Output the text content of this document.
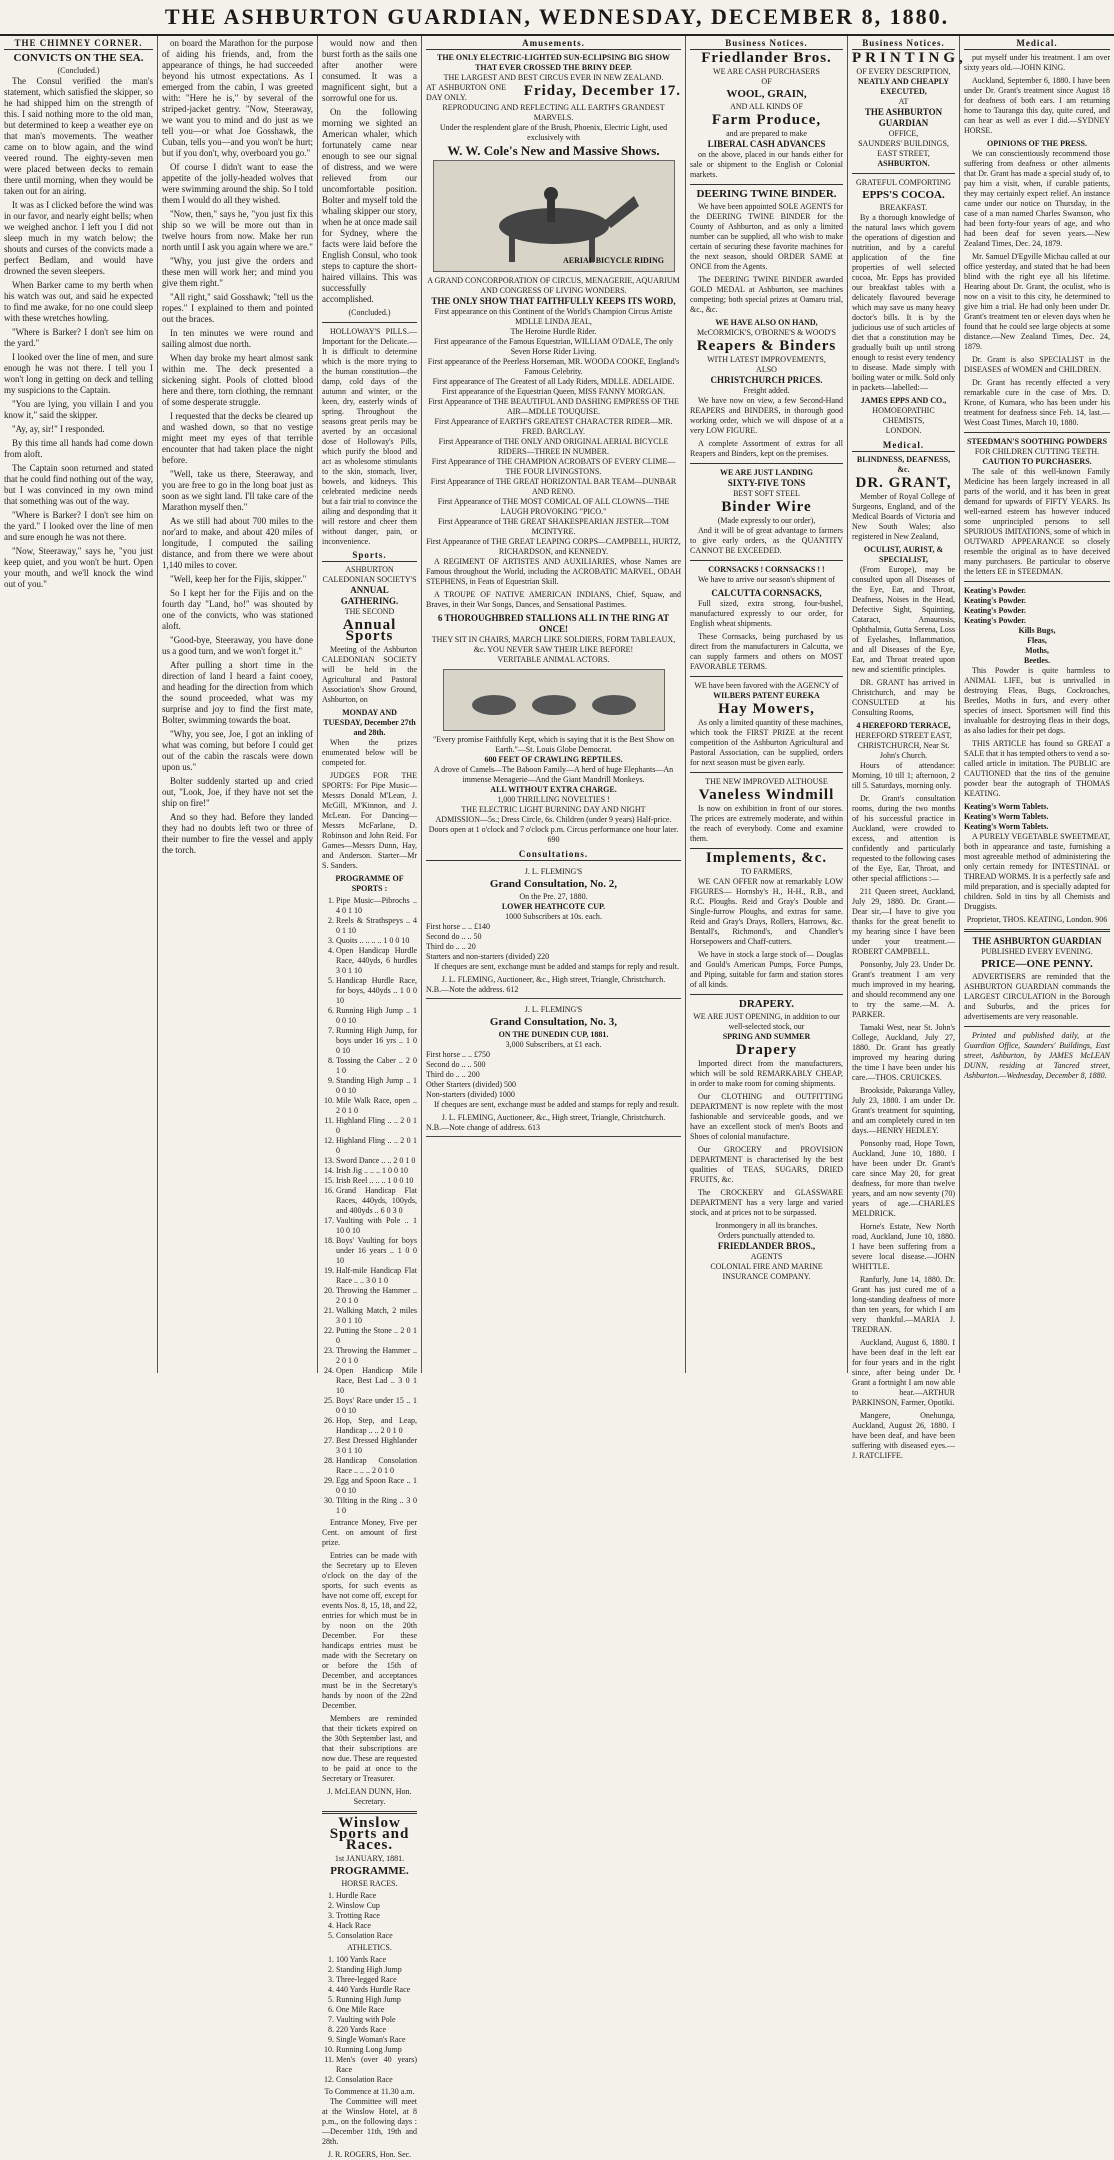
THE ASHBURTON GUARDIAN, WEDNESDAY, DECEMBER 8, 1880.
THE CHIMNEY CORNER.
CONVICTS ON THE SEA.
(Concluded.)

The Consul verified the man's statement, which satisfied the skipper, so he had shipped him on the strength of this. I said nothing more to the old man, but determined to keep a weather eye on that man's movements. The weather came on to blow again, and the wind veered round. The eighty-seven men were placed between decks to remain there until morning, when they would be taken out for an airing.

It was as I clicked before the wind was in our favor, and nearly eight bells; when we weighed anchor. I left you I did not sleep much in my watch below; the shouts and curses of the convicts made a perfect Bedlam, and would have drowned the seven sleepers.

When Barker came to my berth when his watch was out, and said he expected to find me awake, for no one could sleep with these wretches howling.

"Where is Barker? I don't see him on the yard."

I looked over the line of men, and sure enough he was not there. I tell you I won't long in getting on deck and telling my suspicions to the Captain.

"You are lying, you villain I and you know it," said the skipper.

"Ay, ay, sir!" I responded.

By this time all hands had come down from aloft.

The Captain soon returned and stated that he could find nothing out of the way, but I was convinced in my own mind that something was out of the way.

"Where is Barker? I don't see him on the yard." I looked over the line of men and sure enough he was not there.

"Now, Steeraway," says he, "you just keep quiet, and you won't be hurt. Open your mouth, and we'll knock the wind out of you."

on board the Marathon for the purpose of aiding his friends, and, from the appearance of things, he had succeeded beyond his utmost expectations. As I emerged from the cabin, I was greeted with: "Here he is," by several of the striped-jacket gentry. "Now, Steeraway, we want you to mind and do just as we tell you—or what Joe Gosshawk, the Cuban, tells you—and you won't be hurt; but if you don't, why, overboard you go."

Of course I didn't want to ease the appetite of the jolly-headed wolves that were swimming around the ship. So I told them I would do all they wished.

"Now, then," says he, "you just fix this ship so we will be more out than in twelve hours from now. Make her run north until I ask you again where we are."

"Why, you just give the orders and these men will work her; and mind you give them right."

"All right," said Gosshawk; "tell us the ropes." I explained to them and pointed out the braces.

In ten minutes we were round and sailing almost due north.

When day broke my heart almost sank within me. The deck presented a sickening sight. Pools of clotted blood here and there, torn clothing, the remnant of some desperate struggle.

I requested that the decks be cleared up and washed down, so that no vestige might meet my eyes of that terrible encounter that had taken place the night before.

"Well, take us there, Steeraway, and you are free to go in the long boat just as soon as we sight land. I'll take care of the Marathon myself then."

As we still had about 700 miles to the nor'ard to make, and about 420 miles of longitude, I computed the sailing distance, and from there we were about 1,140 miles to cover.

"Well, keep her for the Fijis, skipper."

So I kept her for the Fijis and on the fourth day "Land, ho!" was shouted by one of the convicts, who was stationed aloft.

"Good-bye, Steeraway, you have done us a good turn, and we won't forget it."

After pulling a short time in the direction of land I heard a faint cooey, and heading for the direction from which the sound proceeded, what was my surprise and joy to find the first mate, Bolter, swimming towards the boat.

"Why, you see, Joe, I got an inkling of what was coming, but before I could get out of the cabin the rascals were down upon us."

Bolter suddenly started up and cried out, "Look, Joe, if they have not set the ship on fire!"

And so they had. Before they landed they had no doubts left two or three of their number to fire the vessel and apply the torch.

would now and then burst forth as the sails one after another were consumed. It was a magnificent sight, but a sorrowful one for us.

On the following morning we sighted an American whaler, which fortunately came near enough to see our signal of distress, and we were relieved from our uncomfortable position. Bolter and myself told the whaling skipper our story, when he at once made sail for Sydney, where the facts were laid before the English Consul, who took steps to capture the short-haired villains. This was successfully accomplished.

(Concluded.)

HOLLOWAY'S PILLS.—Important for the Delicate.—It is difficult to determine which is the more trying to the human constitution—the damp, cold days of the autumn and winter, or the keen, dry, easterly winds of spring. Throughout the seasons great perils may be averted by an occasional dose of Holloway's Pills, which purify the blood and act as wholesome stimulants to the skin, stomach, liver, bowels, and kidneys. This celebrated medicine needs but a fair trial to convince the ailing and desponding that it will restore and cheer them without danger, pain, or inconvenience.

Sports.
ASHBURTON CALEDONIAN SOCIETY'S
ANNUAL GATHERING.
THE SECOND
Annual Sports

Meeting of the Ashburton CALEDONIAN SOCIETY will be held in the Agricultural and Pastoral Association's Show Ground, Ashburton, on

MONDAY AND TUESDAY, December 27th and 28th.

When the prizes enumerated below will be competed for.

JUDGES FOR THE SPORTS: For Pipe Music—Messrs Donald M'Lean, J. McGill, M'Kinnon, and J. McLean. For Dancing—Messrs McFarlane, D. Robinson and John Reid. For Games—Messrs Dunn, Hay, and Anderson. Starter—Mr S. Sanders.

PROGRAMME OF SPORTS :
1. Pipe Music—Pibrochs .. 4 0 1 10
2. Reels & Strathspeys .. 4 0 1 10
3. Quoits .. .. .. .. 1 0 0 10
4. Open Handicap Hurdle Race, 440yds, 6 hurdles 3 0 1 10
5. Handicap Hurdle Race, for boys, 440yds .. 1 0 0 10
6. Running High Jump .. 1 0 0 10
7. Running High Jump, for boys under 16 yrs .. 1 0 0 10
8. Tossing the Caber .. 2 0 1 0
9. Standing High Jump .. 1 0 0 10
10. Mile Walk Race, open .. 2 0 1 0
11. Highland Fling .. .. 2 0 1 0
12. Highland Fling .. .. 2 0 1 0
13. Sword Dance .. .. 2 0 1 0
14. Irish Jig .. .. .. 1 0 0 10
15. Irish Reel .. .. .. 1 0 0 10
16. Grand Handicap Flat Races, 440yds, 100yds, and 400yds .. 6 0 3 0
17. Vaulting with Pole .. 1 10 0 10
18. Boys' Vaulting for boys under 16 years .. 1 0 0 10
19. Half-mile Handicap Flat Race .. .. 3 0 1 0
20. Throwing the Hammer .. 2 0 1 0
21. Walking Match, 2 miles 3 0 1 10
22. Putting the Stone .. 2 0 1 0
23. Throwing the Hammer .. 2 0 1 0
24. Open Handicap Mile Race, Best Lad .. 3 0 1 10
25. Boys' Race under 15 .. 1 0 0 10
26. Hop, Step, and Leap, Handicap .. .. 2 0 1 0
27. Best Dressed Highlander 3 0 1 10
28. Handicap Consolation Race .. .. .. 2 0 1 0
29. Egg and Spoon Race .. 1 0 0 10
30. Tilting in the Ring .. 3 0 1 0

Entrance Money, Five per Cent. on amount of first prize.

Entries can be made with the Secretary up to Eleven o'clock on the day of the sports, for such events as have not come off, except for events Nos. 8, 15, 18, and 22, entries for which must be in by noon on the 20th December. For these handicaps entries must be made with the Secretary on or before the 15th of December, and acceptances must be in the Secretary's hands by noon of the 22nd December.

Members are reminded that their tickets expired on the 30th September last, and that their subscriptions are now due. These are requested to be paid at once to the Secretary or Treasurer.

J. McLEAN DUNN, Hon. Secretary.
Winslow Sports and Races.
1st JANUARY, 1881.
PROGRAMME.
HORSE RACES.
1. Hurdle Race
2. Winslow Cup
3. Trotting Race
4. Hack Race
5. Consolation Race
ATHLETICS.
1. 100 Yards Race
2. Standing High Jump
3. Three-legged Race
4. 440 Yards Hurdle Race
5. Running High Jump
6. One Mile Race
7. Vaulting with Pole
8. 220 Yards Race
9. Single Woman's Race
10. Running Long Jump
11. Men's (over 40 years) Race
12. Consolation Race
To Commence at 11.30 a.m.

The Committee will meet at the Winslow Hotel, at 8 p.m., on the following days :—December 11th, 19th and 28th.

J. R. ROGERS, Hon. Sec.
Amusements.
THE ONLY ELECTRIC-LIGHTED SUN-ECLIPSING BIG SHOW THAT EVER CROSSED THE BRINY DEEP.
THE LARGEST AND BEST CIRCUS EVER IN NEW ZEALAND.
AT ASHBURTON ONE DAY ONLY.	Friday, December 17.
REPRODUCING AND REFLECTING ALL EARTH'S GRANDEST MARVELS.
Under the resplendent glare of the Brush, Phoenix, Electric Light, used exclusively with
W. W. Cole's New and Massive Shows.
AERIAL BICYCLE RIDING
A GRAND CONCORPORATION OF CIRCUS, MENAGERIE, AQUARIUM AND CONGRESS OF LIVING WONDERS.
THE ONLY SHOW THAT FAITHFULLY KEEPS ITS WORD,
First appearance on this Continent of the World's Champion Circus Artiste MDLLE LINDA JEAL,
The Heroine Hurdle Rider.
First appearance of the Famous Equestrian, WILLIAM O'DALE, The only Seven Horse Rider Living.
First appearance of the Peerless Horseman, MR. WOODA COOKE, England's Famous Celebrity.
First appearance of The Greatest of all Lady Riders, MDLLE. ADELAIDE.
First appearance of the Equestrian Queen, MISS FANNY MORGAN.
First Appearance of THE BEAUTIFUL AND DASHING EMPRESS OF THE AIR—MDLLE TOUQUISE.
First Appearance of EARTH'S GREATEST CHARACTER RIDER—MR. FRED. BARCLAY.
First Appearance of THE ONLY AND ORIGINAL AERIAL BICYCLE RIDERS—THREE IN NUMBER.
First Appearance of THE CHAMPION ACROBATS OF EVERY CLIME—THE FOUR LIVINGSTONS.
First Appearance of THE GREAT HORIZONTAL BAR TEAM—DUNBAR AND RENO.
First Appearance of THE MOST COMICAL OF ALL CLOWNS—THE LAUGH PROVOKING "PICO."
First Appearance of THE GREAT SHAKESPEARIAN JESTER—TOM MCINTYRE.
First Appearance of THE GREAT LEAPING CORPS—CAMPBELL, HURTZ, RICHARDSON, and KENNEDY.

A REGIMENT OF ARTISTES AND AUXILIARIES, whose Names are Famous throughout the World, including the ACROBATIC MARVEL, ODAH STEPHENS, in Feats of Equestrian Skill.

A TROUPE OF NATIVE AMERICAN INDIANS, Chief, Squaw, and Braves, in their War Songs, Dances, and Sensational Pastimes.

6 THOROUGHBRED STALLIONS ALL IN THE RING AT ONCE!
THEY SIT IN CHAIRS, MARCH LIKE SOLDIERS, FORM TABLEAUX, &c. YOU NEVER SAW THEIR LIKE BEFORE!
VERITABLE ANIMAL ACTORS.
"Every promise Faithfully Kept, which is saying that it is the Best Show on Earth."—St. Louis Globe Democrat.
600 FEET OF CRAWLING REPTILES.
A drove of Camels—The Baboon Family—A herd of huge Elephants—An immense Menagerie—And the Giant Mandrill Monkeys.
ALL WITHOUT EXTRA CHARGE.
1,000 THRILLING NOVELTIES !
THE ELECTRIC LIGHT BURNING DAY AND NIGHT
ADMISSION—5s.; Dress Circle, 6s. Children (under 9 years) Half-price. Doors open at 1 o'clock and 7 o'clock p.m. Circus performance one hour later. 690
Consultations.
J. L. FLEMING'S
Grand Consultation, No. 2,
On the Pre. 27, 1880.
LOWER HEATHCOTE CUP.
1000 Subscribers at 10s. each.
First horse .. .. £140
Second do .. .. 50
Third do .. .. 20
Starters and non-starters (divided) 220

If cheques are sent, exchange must be added and stamps for reply and result.

J. L. FLEMING, Auctioneer, &c., High street, Triangle, Christchurch.
N.B.—Note the address. 612
J. L. FLEMING'S
Grand Consultation, No. 3,
ON THE DUNEDIN CUP, 1881.
3,000 Subscribers, at £1 each.
First horse .. .. £750
Second do .. .. 500
Third do .. .. 200
Other Starters (divided) 500
Non-starters (divided) 1000

If cheques are sent, exchange must be added and stamps for reply and result.

J. L. FLEMING, Auctioneer, &c., High street, Triangle, Christchurch.
N.B.—Note change of address. 613
Business Notices.
Friedlander Bros.
WE ARE CASH PURCHASERS
OF
WOOL, GRAIN,
AND ALL KINDS OF
Farm Produce,
and are prepared to make
LIBERAL CASH ADVANCES

on the above, placed in our hands either for sale or shipment to the English or Colonial markets.

DEERING TWINE BINDER.

We have been appointed SOLE AGENTS for the DEERING TWINE BINDER for the County of Ashburton, and as only a limited number can be supplied, all who wish to make certain of securing these favorite machines for the next season, should ORDER SAME at ONCE from the Agents.

The DEERING TWINE BINDER awarded GOLD MEDAL at Ashburton, see machines competing; both special prizes at Oamaru trial, &c., &c.

WE HAVE ALSO ON HAND,
McCORMICK'S, O'BORNE'S & WOOD'S
Reapers & Binders
WITH LATEST IMPROVEMENTS,
ALSO
CHRISTCHURCH PRICES.
Freight added.

We have now on view, a few Second-Hand REAPERS and BINDERS, in thorough good working order, which we will dispose of at a very LOW FIGURE.

A complete Assortment of extras for all Reapers and Binders, kept on the premises.

WE ARE JUST LANDING
SIXTY-FIVE TONS
BEST SOFT STEEL
Binder Wire
(Made expressly to our order),

And it will be of great advantage to farmers to give early orders, as the QUANTITY CANNOT BE EXCEEDED.

CORNSACKS ! CORNSACKS ! !

We have to arrive our season's shipment of

CALCUTTA CORNSACKS,

Full sized, extra strong, four-bushel, manufactured expressly to our order, for English wheat shipments.

These Cornsacks, being purchased by us direct from the manufacturers in Calcutta, we can supply farmers and others on MOST FAVORABLE TERMS.

WE have been favored with the AGENCY of
WILBERS PATENT EUREKA
Hay Mowers,

As only a limited quantity of these machines, which took the FIRST PRIZE at the recent competition of the Ashburton Agricultural and Pastoral Association, can be supplied, orders for next season must be given early.

THE NEW IMPROVED ALTHOUSE
Vaneless Windmill

Is now on exhibition in front of our stores. The prices are extremely moderate, and within the reach of everybody. Come and examine them.

Implements, &c.
TO FARMERS,

WE CAN OFFER now at remarkably LOW FIGURES— Hornsby's H., H-H., R.B., and R.C. Ploughs. Reid and Gray's Double and Single-furrow Ploughs, and extras for same. Reid and Gray's Drays, Rollers, Harrows, &c. Bentall's, Richmond's, and Chandler's Horsepowers and Chaff-cutters.

We have in stock a large stock of— Douglas and Gould's American Pumps, Force Pumps, and Piping, suitable for farm and station stores of all kinds.

DRAPERY.
WE ARE JUST OPENING, in addition to our well-selected stock, our
SPRING AND SUMMER
Drapery

Imported direct from the manufacturers, which will be sold REMARKABLY CHEAP, in order to make room for coming shipments.

Our CLOTHING and OUTFITTING DEPARTMENT is now replete with the most fashionable and serviceable goods, and we have an excellent stock of men's Boots and Shoes of colonial manufacture.

Our GROCERY and PROVISION DEPARTMENT is characterised by the best qualities of TEAS, SUGARS, DRIED FRUITS, &c.

The CROCKERY and GLASSWARE DEPARTMENT has a very large and varied stock, and at prices not to be surpassed.

Ironmongery in all its branches.
Orders punctually attended to.
FRIEDLANDER BROS.,
AGENTS
COLONIAL FIRE AND MARINE INSURANCE COMPANY.
Business Notices.
PRINTING,
OF EVERY DESCRIPTION,
NEATLY AND CHEAPLY
EXECUTED,
AT
THE ASHBURTON GUARDIAN
OFFICE,
SAUNDERS' BUILDINGS,
EAST STREET,
ASHBURTON.
GRATEFUL COMFORTING
EPPS'S COCOA.
BREAKFAST.

By a thorough knowledge of the natural laws which govern the operations of digestion and nutrition, and by a careful application of the fine properties of well selected cocoa, Mr. Epps has provided our breakfast tables with a delicately flavoured beverage which may save us many heavy doctor's bills. It is by the judicious use of such articles of diet that a constitution may be gradually built up until strong enough to resist every tendency to disease. Made simply with boiling water or milk. Sold only in packets—labelled:—

JAMES EPPS AND CO.,
HOMOEOPATHIC CHEMISTS,
LONDON.
Medical.
BLINDNESS, DEAFNESS, &c.
DR. GRANT,

Member of Royal College of Surgeons, England, and of the Medical Boards of Victoria and New South Wales; also registered in New Zealand,

OCULIST, AURIST, & SPECIALIST,

(From Europe), may be consulted upon all Diseases of the Eye, Ear, and Throat, Deafness, Noises in the Head, Defective Sight, Squinting, Cataract, Amaurosis, Ophthalmia, Gutta Serena, Loss of Eyelashes, Inflammation, and all Diseases of the Eye, Ear, and Throat treated upon new and scientific principles.

DR. GRANT has arrived in Christchurch, and may be CONSULTED at his Consulting Rooms,

4 HEREFORD TERRACE,
HEREFORD STREET EAST, CHRISTCHURCH, Near St. John's Church.

Hours of attendance: Morning, 10 till 1; afternoon, 2 till 5. Saturdays, morning only.

Dr. Grant's consultation rooms, during the two months of his successful practice in Auckland, were crowded to excess, and attention is confidently and particularly requested to the following cases of the Eye, Ear, Throat, and other special afflictions :—

211 Queen street, Auckland, July 29, 1880. Dr. Grant.—Dear sir,—I have to give you thanks for the great benefit to my hearing since I have been under your treatment.—ROBERT CAMPBELL.

Ponsonby, July 23. Under Dr. Grant's treatment I am very much improved in my hearing, and should recommend any one to try the same.—M. A. PARKER.

Tamaki West, near St. John's College, Auckland, July 27, 1880. Dr. Grant has greatly improved my hearing during the time I have been under his care.—THOS. CRUICKES.

Brookside, Pakuranga Valley, July 23, 1880. I am under Dr. Grant's treatment for squinting, and am completely cured in ten days.—HENRY HEDLEY.

Ponsonby road, Hope Town, Auckland, June 10, 1880. I have been under Dr. Grant's care since May 20, for great deafness, for more than twelve years, and am now seventy (70) years of age.—CHARLES MELDRICK.

Horne's Estate, New North road, Auckland, June 10, 1880. I have been suffering from a severe local disease.—JOHN WHITTLE.

Ranfurly, June 14, 1880. Dr. Grant has just cured me of a long-standing deafness of more than ten years, for which I am very thankful.—MARIA J. TREDRAN.

Auckland, August 6, 1880. I have been deaf in the left ear for four years and in the right since, after being under Dr. Grant a fortnight I am now able to hear.—ARTHUR PARKINSON, Farmer, Opotiki.

Mangere, Onehunga, Auckland, August 26, 1880. I have been deaf, and have been suffering with diseased eyes.—J. RATCLIFFE.

Medical.

put myself under his treatment. I am over sixty years old.—JOHN KING.

Auckland, September 6, 1880. I have been under Dr. Grant's treatment since August 18 for deafness of both ears. I am returning home to Tauranga this day, quite cured, and can hear as well as ever I did.—SYDNEY HORSE.

OPINIONS OF THE PRESS.

We can conscientiously recommend those suffering from deafness or other ailments that Dr. Grant has made a special study of, to pay him a visit, when, if curable patients, they may certainly expect relief. An instance came under our notice on Thursday, in the case of a man named Charles Swanson, who had been forty-four years of age, and who had been deaf for seven years.—New Zealand Times, Dec. 24, 1879.

Mr. Samuel D'Egville Michau called at our office yesterday, and stated that he had been blind with the right eye all his lifetime. Hearing about Dr. Grant, the oculist, who is now on a visit to this city, he determined to give him a trial. He had only been under Dr. Grant's treatment ten or eleven days when he found that he could see large objects at some distance.—New Zealand Times, Dec. 24, 1879.

Dr. Grant is also SPECIALIST in the DISEASES of WOMEN and CHILDREN.

Dr. Grant has recently effected a very remarkable cure in the case of Mrs. D. Krone, of Kumara, who has been under his treatment for deafness since Feb. 14, last.—West Coast Times, March 10, 1880.

STEEDMAN'S SOOTHING POWDERS
FOR CHILDREN CUTTING TEETH.
CAUTION TO PURCHASERS.

The sale of this well-known Family Medicine has been largely increased in all parts of the world, and it has been in great demand for upwards of FIFTY YEARS. Its well-earned esteem has however induced some unprincipled persons to sell SPURIOUS IMITATIONS, some of which in OUTWARD APPEARANCE so closely resemble the original as to have deceived many purchasers. Be particular to observe the letters EE in STEEDMAN.

Keating's Powder.
Keating's Powder.
Keating's Powder.
Keating's Powder.
Kills Bugs,
Fleas,
Moths,
Beetles.

This Powder is quite harmless to ANIMAL LIFE, but is unrivalled in destroying Fleas, Bugs, Cockroaches, Beetles, Moths in furs, and every other species of insect. Sportsmen will find this invaluable for destroying fleas in their dogs, as also ladies for their pet dogs.

THIS ARTICLE has found so GREAT a SALE that it has tempted others to vend a so-called article in imitation. The PUBLIC are CAUTIONED that the tins of the genuine powder bear the autograph of THOMAS KEATING.

Keating's Worm Tablets.
Keating's Worm Tablets.
Keating's Worm Tablets.

A PURELY VEGETABLE SWEETMEAT, both in appearance and taste, furnishing a most agreeable method of administering the only certain remedy for INTESTINAL or THREAD WORMS. It is a perfectly safe and mild preparation, and is specially adapted for children. Sold in tins by all Chemists and Druggists.

Proprietor, THOS. KEATING, London. 906
THE ASHBURTON GUARDIAN
PUBLISHED EVERY EVENING.
PRICE—ONE PENNY.

ADVERTISERS are reminded that the ASHBURTON GUARDIAN commands the LARGEST CIRCULATION in the Borough and Suburbs, and the prices for advertisements are very reasonable.

Printed and published daily, at the Guardian Office, Saunders' Buildings, East street, Ashburton, by JAMES McLEAN DUNN, residing at Tancred street, Ashburton.—Wednesday, December 8, 1880.
